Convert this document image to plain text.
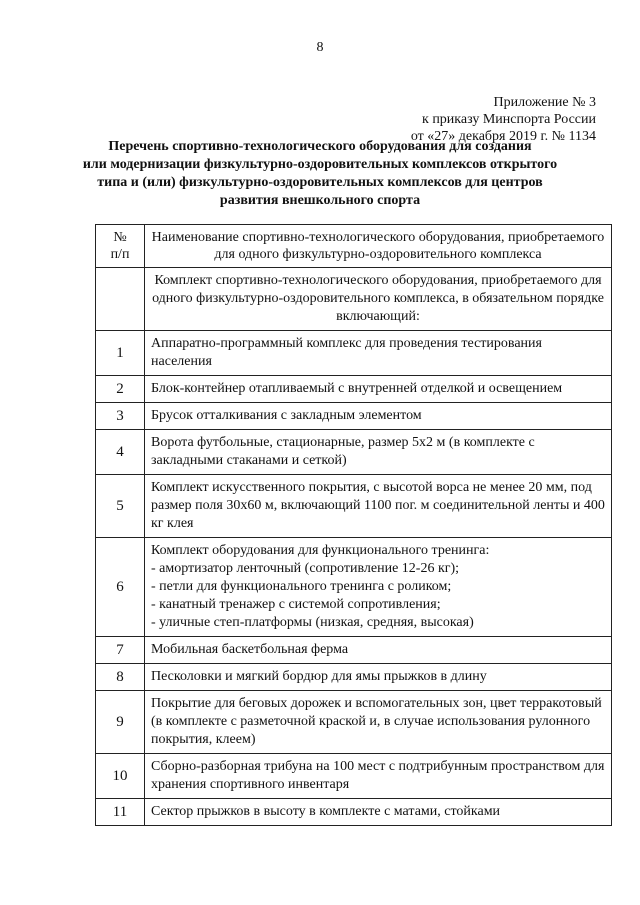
8
Приложение № 3
к приказу Минспорта России
от «27» декабря 2019 г. № 1134
Перечень спортивно-технологического оборудования для создания
или модернизации физкультурно-оздоровительных комплексов открытого
типа и (или) физкультурно-оздоровительных комплексов для центров
развития внешкольного спорта
№
п/п	Наименование спортивно-технологического оборудования, приобретаемого для одного физкультурно-оздоровительного комплекса
	Комплект спортивно-технологического оборудования, приобретаемого для одного физкультурно-оздоровительного комплекса, в обязательном порядке включающий:
1	Аппаратно-программный комплекс для проведения тестирования населения
2	Блок-контейнер отапливаемый с внутренней отделкой и освещением
3	Брусок отталкивания с закладным элементом
4	Ворота футбольные, стационарные, размер 5х2 м (в комплекте с закладными стаканами и сеткой)
5	Комплект искусственного покрытия, с высотой ворса не менее 20 мм, под размер поля 30х60 м, включающий 1100 пог. м соединительной ленты и 400 кг клея
6	Комплект оборудования для функционального тренинга:
- амортизатор ленточный (сопротивление 12-26 кг);
- петли для функционального тренинга с роликом;
- канатный тренажер с системой сопротивления;
- уличные степ-платформы (низкая, средняя, высокая)

7	Мобильная баскетбольная ферма
8	Песколовки и мягкий бордюр для ямы прыжков в длину
9	Покрытие для беговых дорожек и вспомогательных зон, цвет терракотовый (в комплекте с разметочной краской и, в случае использования рулонного покрытия, клеем)
10	Сборно-разборная трибуна на 100 мест с подтрибунным пространством для хранения спортивного инвентаря
11	Сектор прыжков в высоту в комплекте с матами, стойками
